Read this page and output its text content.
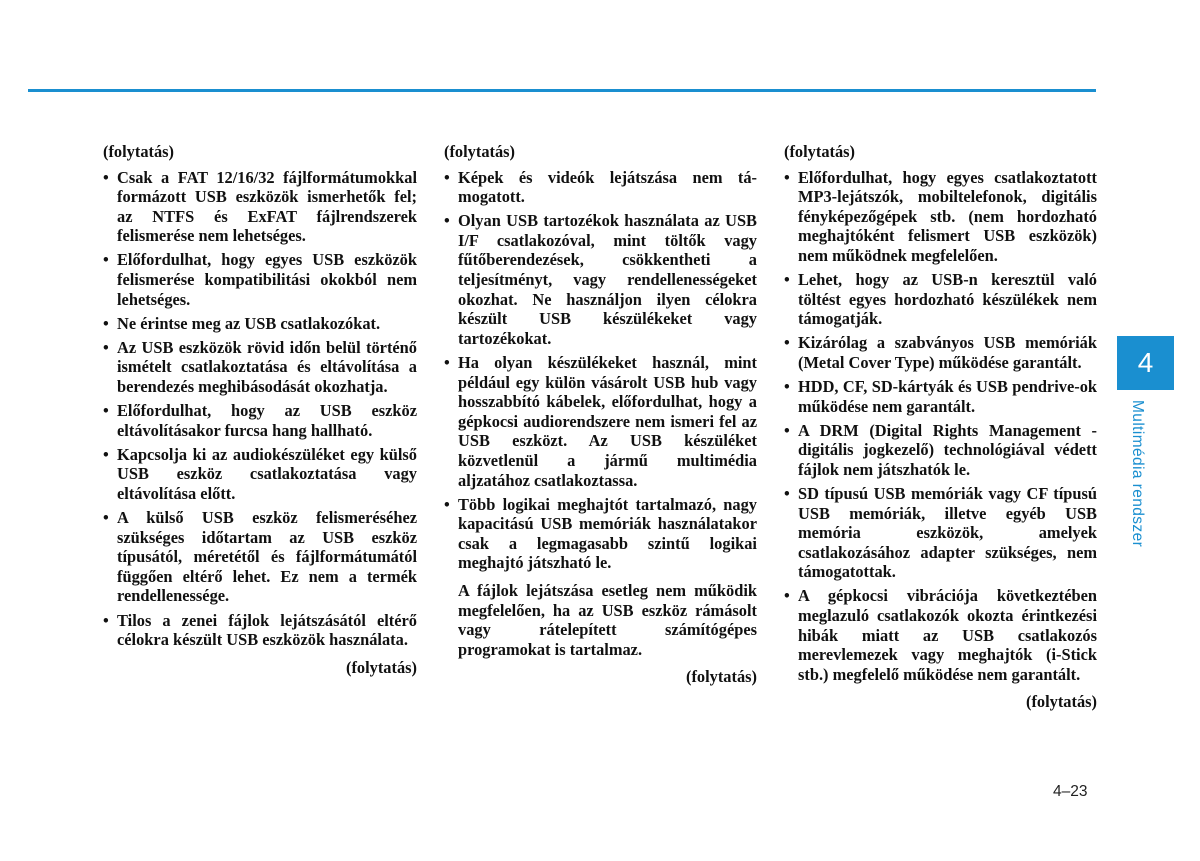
(folytatás)

• Csak a FAT 12/16/32 fájlformátumokkal formázott USB eszközök ismerhetők fel; az NTFS és ExFAT fájlrendszerek felismerése nem lehetséges.
• Előfordulhat, hogy egyes USB eszközök felismerése kompatibilitási okokból nem lehetséges.
• Ne érintse meg az USB csatlakozókat.
• Az USB eszközök rövid időn belül történő ismételt csatlakoztatása és eltávolítása a berendezés meghibásodását okozhatja.
• Előfordulhat, hogy az USB eszköz eltávolításakor furcsa hang hallható.
• Kapcsolja ki az audiokészüléket egy külső USB eszköz csatlakoztatása vagy eltávolítása előtt.
• A külső USB eszköz felismeréséhez szükséges időtartam az USB eszköz típusától, méretétől és fájlformátumától függően eltérő lehet. Ez nem a termék rendellenessége.
• Tilos a zenei fájlok lejátszásától eltérő célokra készült USB eszközök használata.

(folytatás)

(folytatás)

• Képek és videók lejátszása nem támogatott.
• Olyan USB tartozékok használata az USB I/F csatlakozóval, mint töltők vagy fűtőberendezések, csökkentheti a teljesítményt, vagy rendellenességeket okozhat. Ne használjon ilyen célokra készült USB készülékeket vagy tartozékokat.
• Ha olyan készülékeket használ, mint például egy külön vásárolt USB hub vagy hosszabbító kábelek, előfordulhat, hogy a gépkocsi audiorendszere nem ismeri fel az USB eszközt. Az USB készüléket közvetlenül a jármű multimédia aljzatához csatlakoztassa.
• Több logikai meghajtót tartalmazó, nagy kapacitású USB memóriák használatakor csak a legmagasabb szintű logikai meghajtó játszható le.

A fájlok lejátszása esetleg nem működik megfelelően, ha az USB eszköz rámásolt vagy rátelepített számítógépes programokat is tartalmaz.

(folytatás)

(folytatás)

• Előfordulhat, hogy egyes csatlakoztatott MP3-lejátszók, mobiltelefonok, digitális fényképezőgépek stb. (nem hordozható meghajtóként felismert USB eszközök) nem működnek megfelelően.
• Lehet, hogy az USB-n keresztül való töltést egyes hordozható készülékek nem támogatják.
• Kizárólag a szabványos USB memóriák (Metal Cover Type) működése garantált.
• HDD, CF, SD-kártyák és USB pendrive-ok működése nem garantált.
• A DRM (Digital Rights Management - digitális jogkezelő) technológiával védett fájlok nem játszhatók le.
• SD típusú USB memóriák vagy CF típusú USB memóriák, illetve egyéb USB memória eszközök, amelyek csatlakozásához adapter szükséges, nem támogatottak.
• A gépkocsi vibrációja következtében meglazuló csatlakozók okozta érintkezési hibák miatt az USB csatlakozós merevlemezek vagy meghajtók (i-Stick stb.) megfelelő működése nem garantált.

(folytatás)

4
Multimédia rendszer
4–23
